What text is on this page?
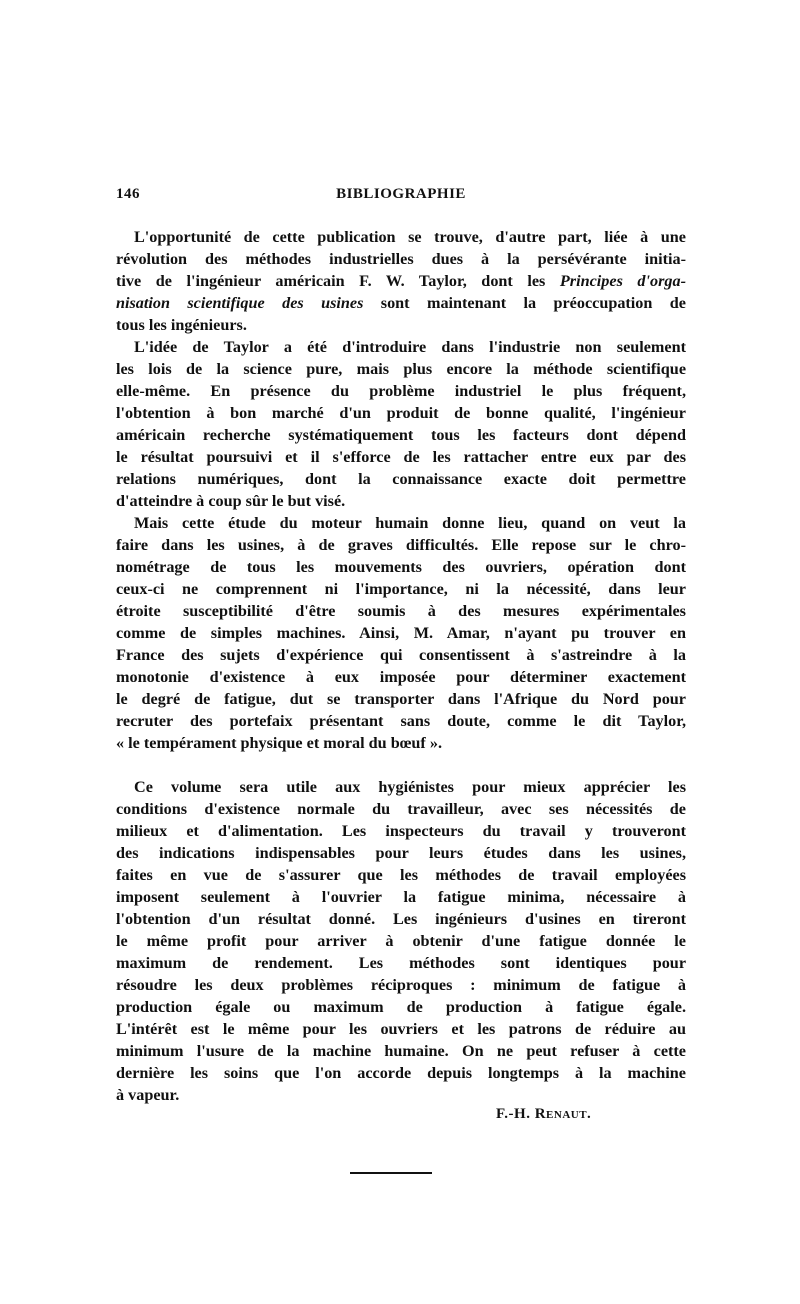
146	BIBLIOGRAPHIE
L'opportunité de cette publication se trouve, d'autre part, liée à une
révolution des méthodes industrielles dues à la persévérante initia-
tive de l'ingénieur américain F. W. Taylor, dont les Principes d'orga-
nisation scientifique des usines sont maintenant la préoccupation de
tous les ingénieurs.
L'idée de Taylor a été d'introduire dans l'industrie non seulement
les lois de la science pure, mais plus encore la méthode scientifique
elle-même. En présence du problème industriel le plus fréquent,
l'obtention à bon marché d'un produit de bonne qualité, l'ingénieur
américain recherche systématiquement tous les facteurs dont dépend
le résultat poursuivi et il s'efforce de les rattacher entre eux par des
relations numériques, dont la connaissance exacte doit permettre
d'atteindre à coup sûr le but visé.
Mais cette étude du moteur humain donne lieu, quand on veut la
faire dans les usines, à de graves difficultés. Elle repose sur le chro-
nométrage de tous les mouvements des ouvriers, opération dont
ceux-ci ne comprennent ni l'importance, ni la nécessité, dans leur
étroite susceptibilité d'être soumis à des mesures expérimentales
comme de simples machines. Ainsi, M. Amar, n'ayant pu trouver en
France des sujets d'expérience qui consentissent à s'astreindre à la
monotonie d'existence à eux imposée pour déterminer exactement
le degré de fatigue, dut se transporter dans l'Afrique du Nord pour
recruter des portefaix présentant sans doute, comme le dit Taylor,
« le tempérament physique et moral du bœuf ».
Ce volume sera utile aux hygiénistes pour mieux apprécier les
conditions d'existence normale du travailleur, avec ses nécessités de
milieux et d'alimentation. Les inspecteurs du travail y trouveront
des indications indispensables pour leurs études dans les usines,
faites en vue de s'assurer que les méthodes de travail employées
imposent seulement à l'ouvrier la fatigue minima, nécessaire à
l'obtention d'un résultat donné. Les ingénieurs d'usines en tireront
le même profit pour arriver à obtenir d'une fatigue donnée le
maximum de rendement. Les méthodes sont identiques pour
résoudre les deux problèmes réciproques : minimum de fatigue à
production égale ou maximum de production à fatigue égale.
L'intérêt est le même pour les ouvriers et les patrons de réduire au
minimum l'usure de la machine humaine. On ne peut refuser à cette
dernière les soins que l'on accorde depuis longtemps à la machine
à vapeur.
F.-H. Renaut.
